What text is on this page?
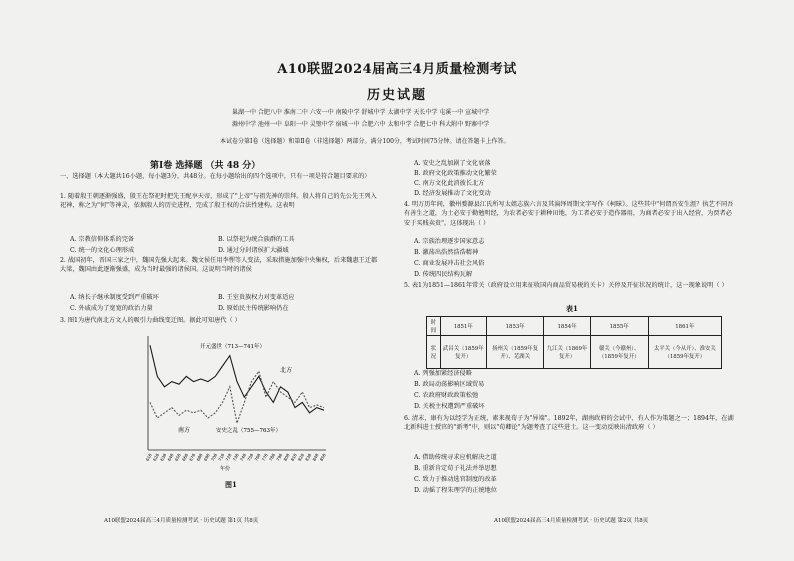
A10联盟2024届高三4月质量检测考试
历史试题
巢湖一中 合肥八中 淮南二中 六安一中 南陵中学 舒城中学 太湖中学 天长中学 屯溪一中 宣城中学
滁州中学 池州一中 阜阳一中 灵璧中学 宿城一中 合肥六中 太和中学 合肥七中 科大附中 野寨中学
本试卷分第Ⅰ卷（选择题）和第Ⅱ卷（非选择题）两部分。满分100分，考试时间75分钟。请在答题卡上作答。
第Ⅰ卷 选择题 （共 48 分）
一、选择题（本大题共16小题，每小题3分，共48分。在每小题给出的四个选项中，只有一项是符合题目要求的）
1. 随着殷王朝逐渐强盛，殷王在祭祀时把先王配享天帝，形成了"上帝"与祖先神的崇拜。殷人将自己的先公先王列入祀神，称之为"何"等神灵，依据殷人的历史进程，完成了殷王权的合法性建构。这表明
A. 宗教信仰体系的完备	B. 以祭祀为统合族群的工具
C. 统一的文化心理形成	D. 通过分封诸侯扩大疆域
2. 战国初年，晋国三家之中，魏国先强大起来。魏文侯任用李悝等人变法，采取措施加强中央集权，后来魏惠王迁都大梁，魏国由此逐渐强盛，成为当时最强的诸侯国。这说明当时的诸侯
A. 纳长子继承制度受到严重破坏	B. 王室贵族权力对变革适应
C. 外戚成为了宽宽的政治力量	D. 原始民主传统影响仍在
3. 图1为唐代南北方文人的吸引力曲线变迁图。据此可知唐代（ ）
618 628 638 648 658 668 678 688 698 708 718 728 738 748 758 768 778 788 798 808 818 828 838 848 858
开元盛世（713—741年）
北方
南方	安史之乱（755—763年）
年份
图1
A10联盟2024届高三4月质量检测考试 · 历史试题 第1页 共8页
A. 安史之乱加剧了文化衰落
B. 政府文化政策推动文化繁荣
C. 南方文化此消彼长北方
D. 经济发展推动了文化变动
4. 明万历年间，徽州婺源县江氏所写太姐志族六言及其演绎周期文字写作《柯昧》。这些其中"何谓吾安生涯？执艺不同吾有善生之道，为士必安于勤勉明经，为农者必安于耕种田地，为工者必安于造作器用，为商者必安于出入经营，为贾者必安于买贱卖贵"。这体现出（ ）
A. 宗族治理逐步国家意志
B. 激荡出浩然浩浩精神
C. 商业发展冲击社会风俗
D. 传统四民结构瓦解
5. 表1为1851—1861年常关（政府设立用来征收国内商品贸易税的关卡）关停及开征状况的统计，这一现象说明（ ）
表1
时间	1851年	1853年	1854年	1855年	1861年
状况	武昌关（1859年复开）	扬州关（1859年复开）、芜湖关	九江关（1869年复开）	赣关（今赣州）、（1859年复开）	太平关（今从开）、淮安关（1859年复开）
A. 列强加紧经济侵略
B. 政局动荡影响区域贸易
C. 农政府财政政策松弛
D. 关税主权遭到严重破坏
6. 清末，康有为以经学为正统，素来视荀子为"异端"。1892年，湖南政府的会试中，有人作为策题之一；1894年，在湖北新科进士授官的"新考"中，则以"荀卿论"为题考查了这些进士。这一变动反映出清政府（ ）
A. 借助传统寻求应机解决之道
B. 重新肯定荀子礼法并举思想
C. 致力于推动选官制度的改革
D. 动摇了程朱理学的正统地位
A10联盟2024届高三4月质量检测考试 · 历史试题 第2页 共8页
